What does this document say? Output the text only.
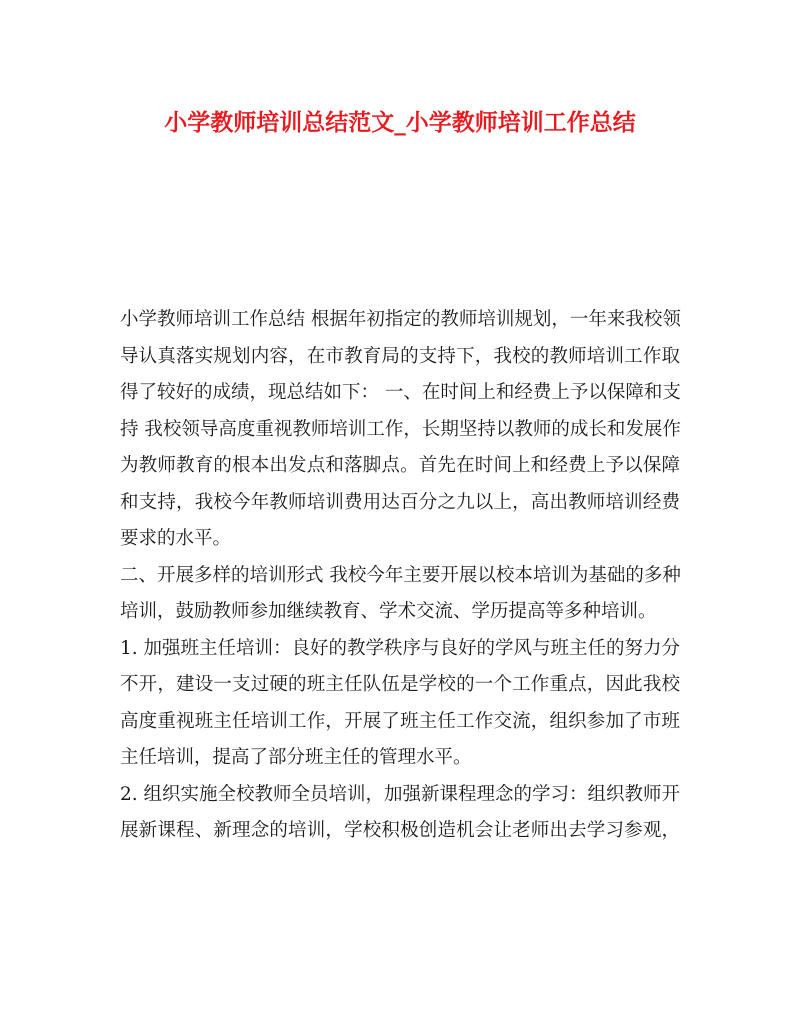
小学教师培训总结范文_小学教师培训工作总结

小学教师培训工作总结 根据年初指定的教师培训规划，一年来我校领
导认真落实规划内容，在市教育局的支持下，我校的教师培训工作取
得了较好的成绩，现总结如下： 一、在时间上和经费上予以保障和支
持 我校领导高度重视教师培训工作，长期坚持以教师的成长和发展作
为教师教育的根本出发点和落脚点。首先在时间上和经费上予以保障
和支持，我校今年教师培训费用达百分之九以上，高出教师培训经费
要求的水平。

二、开展多样的培训形式 我校今年主要开展以校本培训为基础的多种
培训，鼓励教师参加继续教育、学术交流、学历提高等多种培训。

1. 加强班主任培训：良好的教学秩序与良好的学风与班主任的努力分
不开，建设一支过硬的班主任队伍是学校的一个工作重点，因此我校
高度重视班主任培训工作，开展了班主任工作交流，组织参加了市班
主任培训，提高了部分班主任的管理水平。

2. 组织实施全校教师全员培训，加强新课程理念的学习：组织教师开
展新课程、新理念的培训，学校积极创造机会让老师出去学习参观，
